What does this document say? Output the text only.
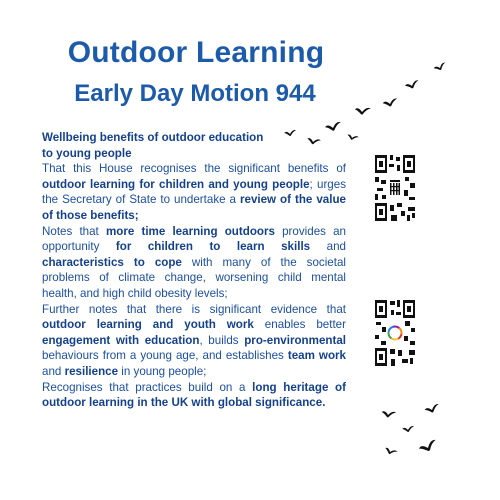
Outdoor Learning
Early Day Motion 944

Wellbeing benefits of outdoor education
to young people

That this House recognises the significant benefits of outdoor learning for children and young people; urges the Secretary of State to undertake a review of the value of those benefits;

Notes that more time learning outdoors provides an opportunity for children to learn skills and characteristics to cope with many of the societal problems of climate change, worsening child mental health, and high child obesity levels;

Further notes that there is significant evidence that outdoor learning and youth work enables better engagement with education, builds pro-environmental behaviours from a young age, and establishes team work and resilience in young people;

Recognises that practices build on a long heritage of outdoor learning in the UK with global significance.
